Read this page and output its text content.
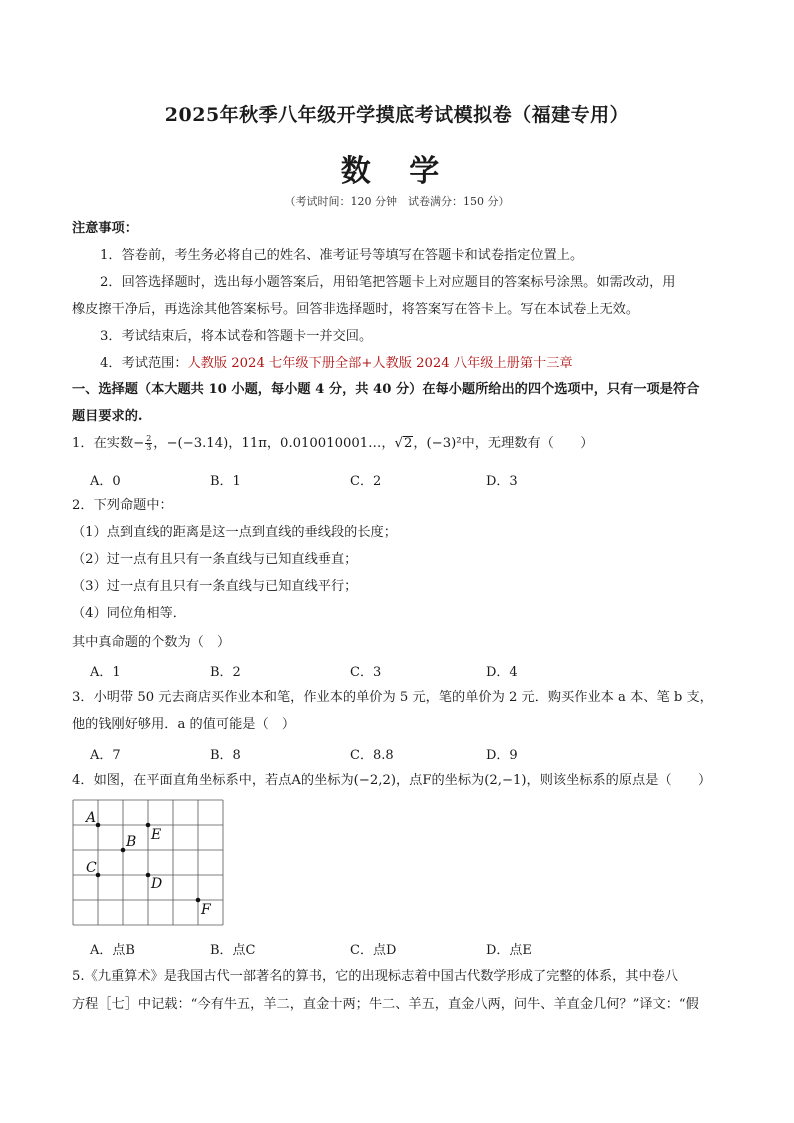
2025年秋季八年级开学摸底考试模拟卷（福建专用）
数 学
（考试时间：120 分钟　试卷满分：150 分）
注意事项：
1．答卷前，考生务必将自己的姓名、准考证号等填写在答题卡和试卷指定位置上。
2．回答选择题时，选出每小题答案后，用铅笔把答题卡上对应题目的答案标号涂黑。如需改动，用
橡皮擦干净后，再选涂其他答案标号。回答非选择题时，将答案写在答卡上。写在本试卷上无效。
3．考试结束后，将本试卷和答题卡一并交回。
4．考试范围：人教版 2024 七年级下册全部+人教版 2024 八年级上册第十三章
一、选择题（本大题共 10 小题，每小题 4 分，共 40 分）在每小题所给出的四个选项中，只有一项是符合
题目要求的.
1．在实数− $\frac{2}{3}$ ，−(−3.14)，11π，0.010010001…，√2，(−3)²中，无理数有（　　）
A．0	B．1	C．2	D．3
2．下列命题中：
（1）点到直线的距离是这一点到直线的垂线段的长度；
（2）过一点有且只有一条直线与已知直线垂直；
（3）过一点有且只有一条直线与已知直线平行；
（4）同位角相等．
其中真命题的个数为（　）
A．1	B．2	C．3	D．4
3．小明带 50 元去商店买作业本和笔，作业本的单价为 5 元，笔的单价为 2 元．购买作业本 a 本、笔 b 支，
他的钱刚好够用．a 的值可能是（　）
A．7	B．8	C．8.8	D．9
4．如图，在平面直角坐标系中，若点A的坐标为(−2,2)，点F的坐标为(2,−1)，则该坐标系的原点是（　　）
A
B E
C
D
F
A．点B	B．点C	C．点D	D．点E
5.《九重算术》是我国古代一部著名的算书，它的出现标志着中国古代数学形成了完整的体系，其中卷八
方程［七］中记载：“今有牛五，羊二，直金十两；牛二、羊五，直金八两，问牛、羊直金几何？”译文：“假
